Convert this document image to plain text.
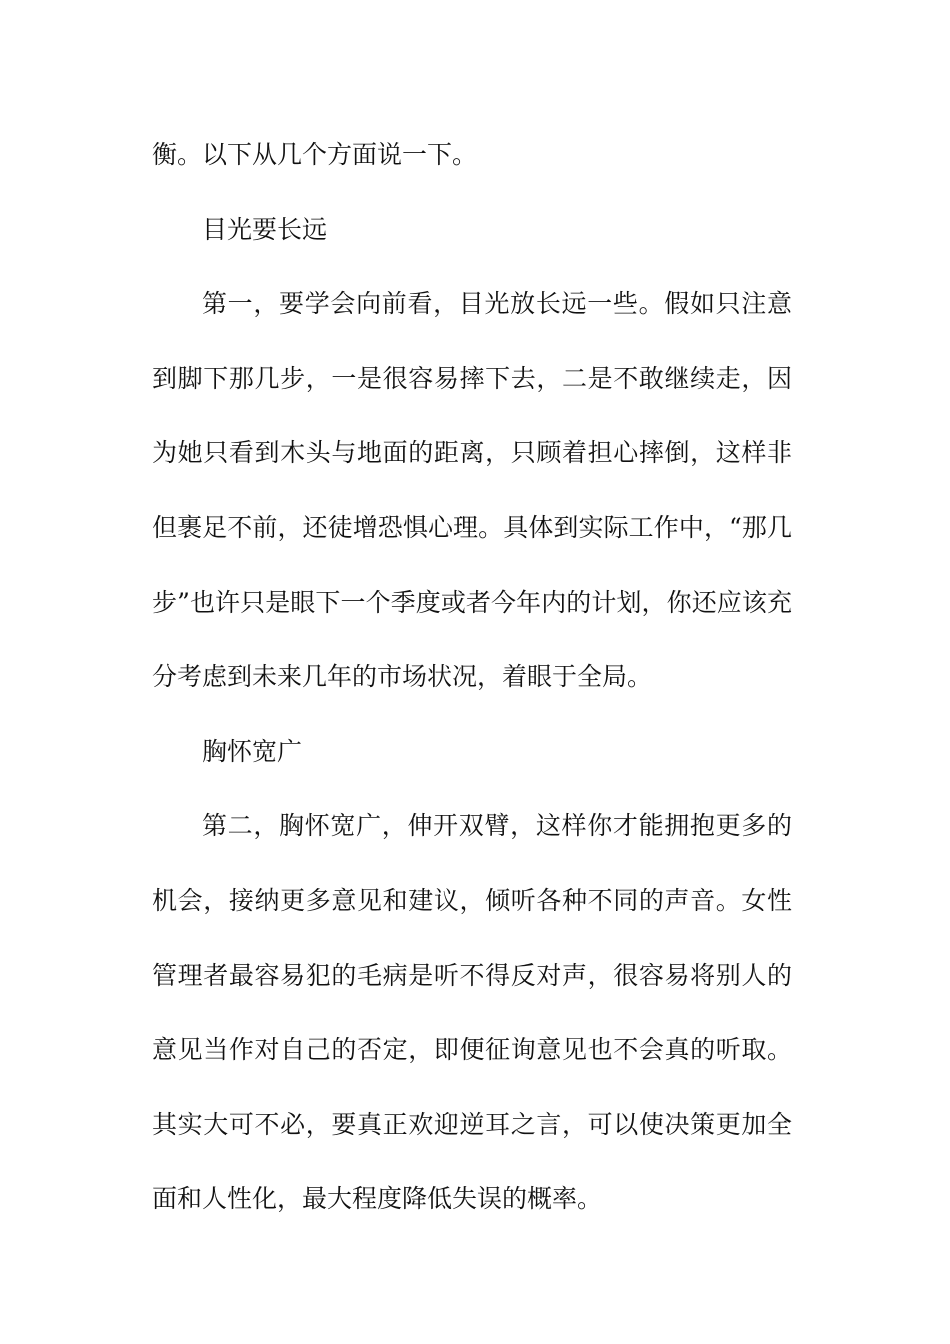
衡。以下从几个方面说一下。

目光要长远

第一，要学会向前看，目光放长远一些。假如只注意到脚下那几步，一是很容易摔下去，二是不敢继续走，因为她只看到木头与地面的距离，只顾着担心摔倒，这样非但裹足不前，还徒增恐惧心理。具体到实际工作中，“那几步”也许只是眼下一个季度或者今年内的计划，你还应该充分考虑到未来几年的市场状况，着眼于全局。

胸怀宽广

第二，胸怀宽广，伸开双臂，这样你才能拥抱更多的机会，接纳更多意见和建议，倾听各种不同的声音。女性管理者最容易犯的毛病是听不得反对声，很容易将别人的意见当作对自己的否定，即便征询意见也不会真的听取。其实大可不必，要真正欢迎逆耳之言，可以使决策更加全面和人性化，最大程度降低失误的概率。
